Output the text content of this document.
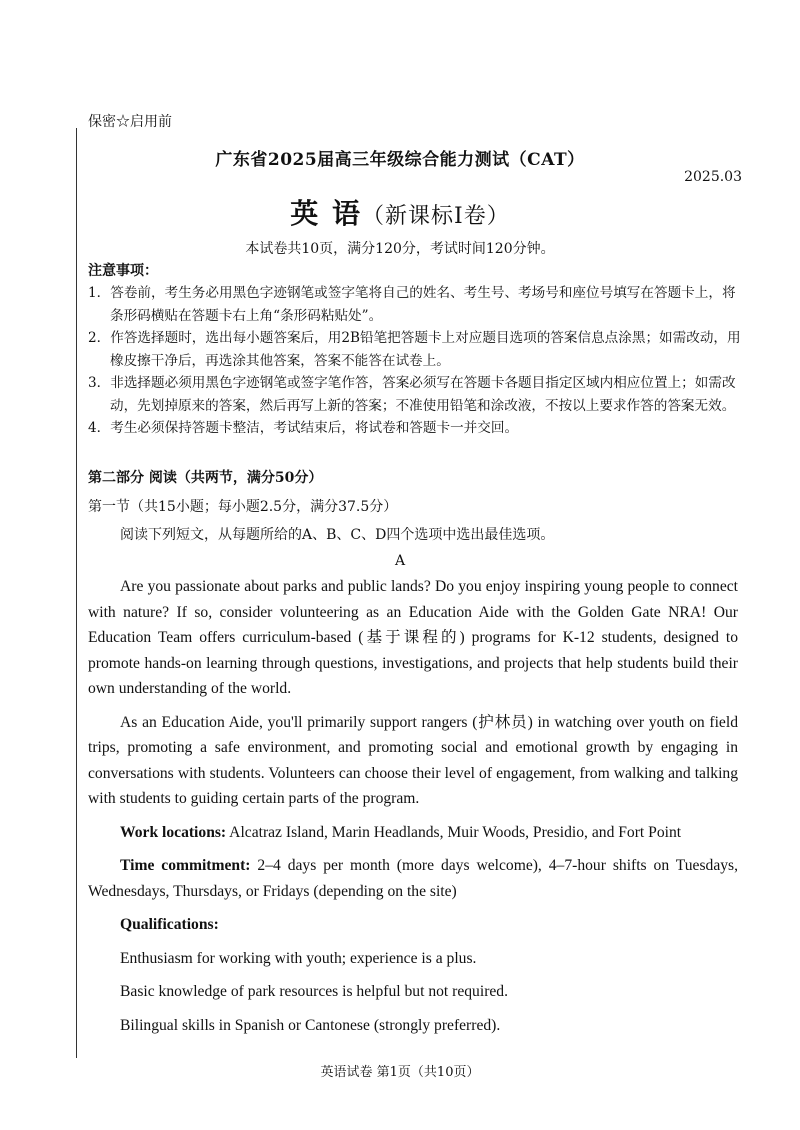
保密☆启用前
广东省2025届高三年级综合能力测试（CAT）
2025.03
英 语（新课标Ⅰ卷）
本试卷共10页，满分120分，考试时间120分钟。
注意事项：
1．答卷前，考生务必用黑色字迹钢笔或签字笔将自己的姓名、考生号、考场号和座位号填写在答题卡上，将条形码横贴在答题卡右上角“条形码粘贴处”。
2．作答选择题时，选出每小题答案后，用2B铅笔把答题卡上对应题目选项的答案信息点涂黑；如需改动，用橡皮擦干净后，再选涂其他答案，答案不能答在试卷上。
3．非选择题必须用黑色字迹钢笔或签字笔作答，答案必须写在答题卡各题目指定区域内相应位置上；如需改动，先划掉原来的答案，然后再写上新的答案；不准使用铅笔和涂改液，不按以上要求作答的答案无效。
4．考生必须保持答题卡整洁，考试结束后，将试卷和答题卡一并交回。
第二部分 阅读（共两节，满分50分）
第一节（共15小题；每小题2.5分，满分37.5分）
阅读下列短文，从每题所给的A、B、C、D四个选项中选出最佳选项。
A

Are you passionate about parks and public lands? Do you enjoy inspiring young people to connect with nature? If so, consider volunteering as an Education Aide with the Golden Gate NRA! Our Education Team offers curriculum-based (基于课程的) programs for K-12 students, designed to promote hands-on learning through questions, investigations, and projects that help students build their own understanding of the world.

As an Education Aide, you'll primarily support rangers (护林员) in watching over youth on field trips, promoting a safe environment, and promoting social and emotional growth by engaging in conversations with students. Volunteers can choose their level of engagement, from walking and talking with students to guiding certain parts of the program.

Work locations: Alcatraz Island, Marin Headlands, Muir Woods, Presidio, and Fort Point

Time commitment: 2–4 days per month (more days welcome), 4–7-hour shifts on Tuesdays, Wednesdays, Thursdays, or Fridays (depending on the site)

Qualifications:
Enthusiasm for working with youth; experience is a plus.
Basic knowledge of park resources is helpful but not required.
Bilingual skills in Spanish or Cantonese (strongly preferred).
英语试卷 第1页（共10页）
